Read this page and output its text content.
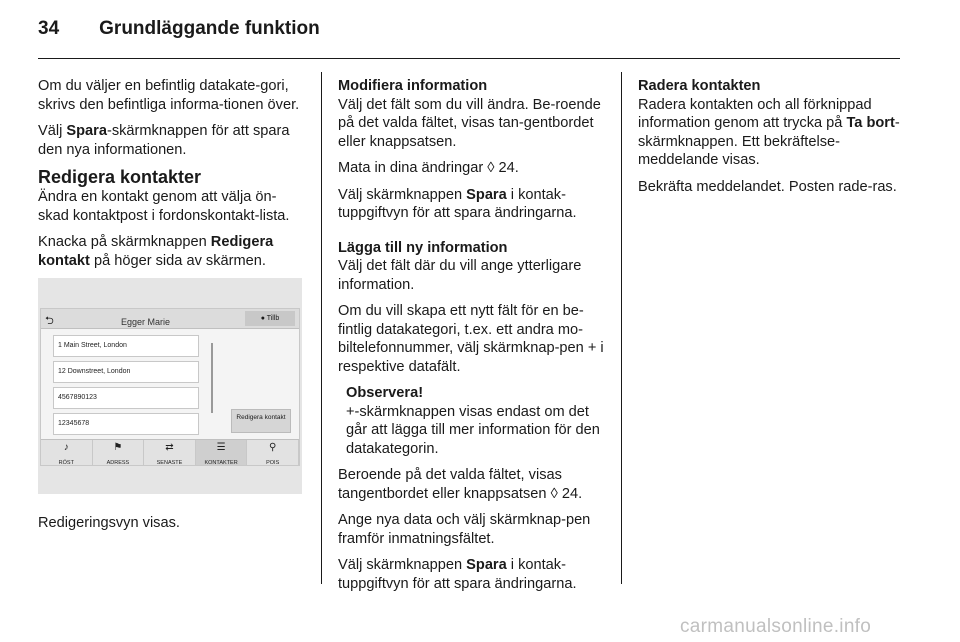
34 Grundläggande funktion
Om du väljer en befintlig datakate-gori, skrivs den befintliga informa-tionen över.
Välj Spara-skärmknappen för att spara den nya informationen.
Redigera kontakter
Ändra en kontakt genom att välja ön-skad kontaktpost i fordonskontakt-lista.
Knacka på skärmknappen Redigera kontakt på höger sida av skärmen.
⮌	Egger Marie	● Tillb
1 Main Street, London
12 Downstreet, London
4567890123
12345678
Redigera kontakt
♪
RÖST
⚑
ADRESS
⇄
SENASTE
☰
KONTAKTER
⚲
POIS
Redigeringsvyn visas.
Modifiera information
Välj det fält som du vill ändra. Be-roende på det valda fältet, visas tan-gentbordet eller knappsatsen.
Mata in dina ändringar ◊ 24.
Välj skärmknappen Spara i kontak-tuppgiftvyn för att spara ändringarna.
Lägga till ny information
Välj det fält där du vill ange ytterligare information.
Om du vill skapa ett nytt fält för en be-fintlig datakategori, t.ex. ett andra mo-biltelefonnummer, välj skärmknap-pen + i respektive datafält.
Observera!
+-skärmknappen visas endast om det går att lägga till mer information för den datakategorin.
Beroende på det valda fältet, visas tangentbordet eller knappsatsen ◊ 24.
Ange nya data och välj skärmknap-pen framför inmatningsfältet.
Välj skärmknappen Spara i kontak-tuppgiftvyn för att spara ändringarna.
Radera kontakten
Radera kontakten och all förknippad information genom att trycka på Ta bort-skärmknappen. Ett bekräftelse-meddelande visas.
Bekräfta meddelandet. Posten rade-ras.
carmanualsonline.info
